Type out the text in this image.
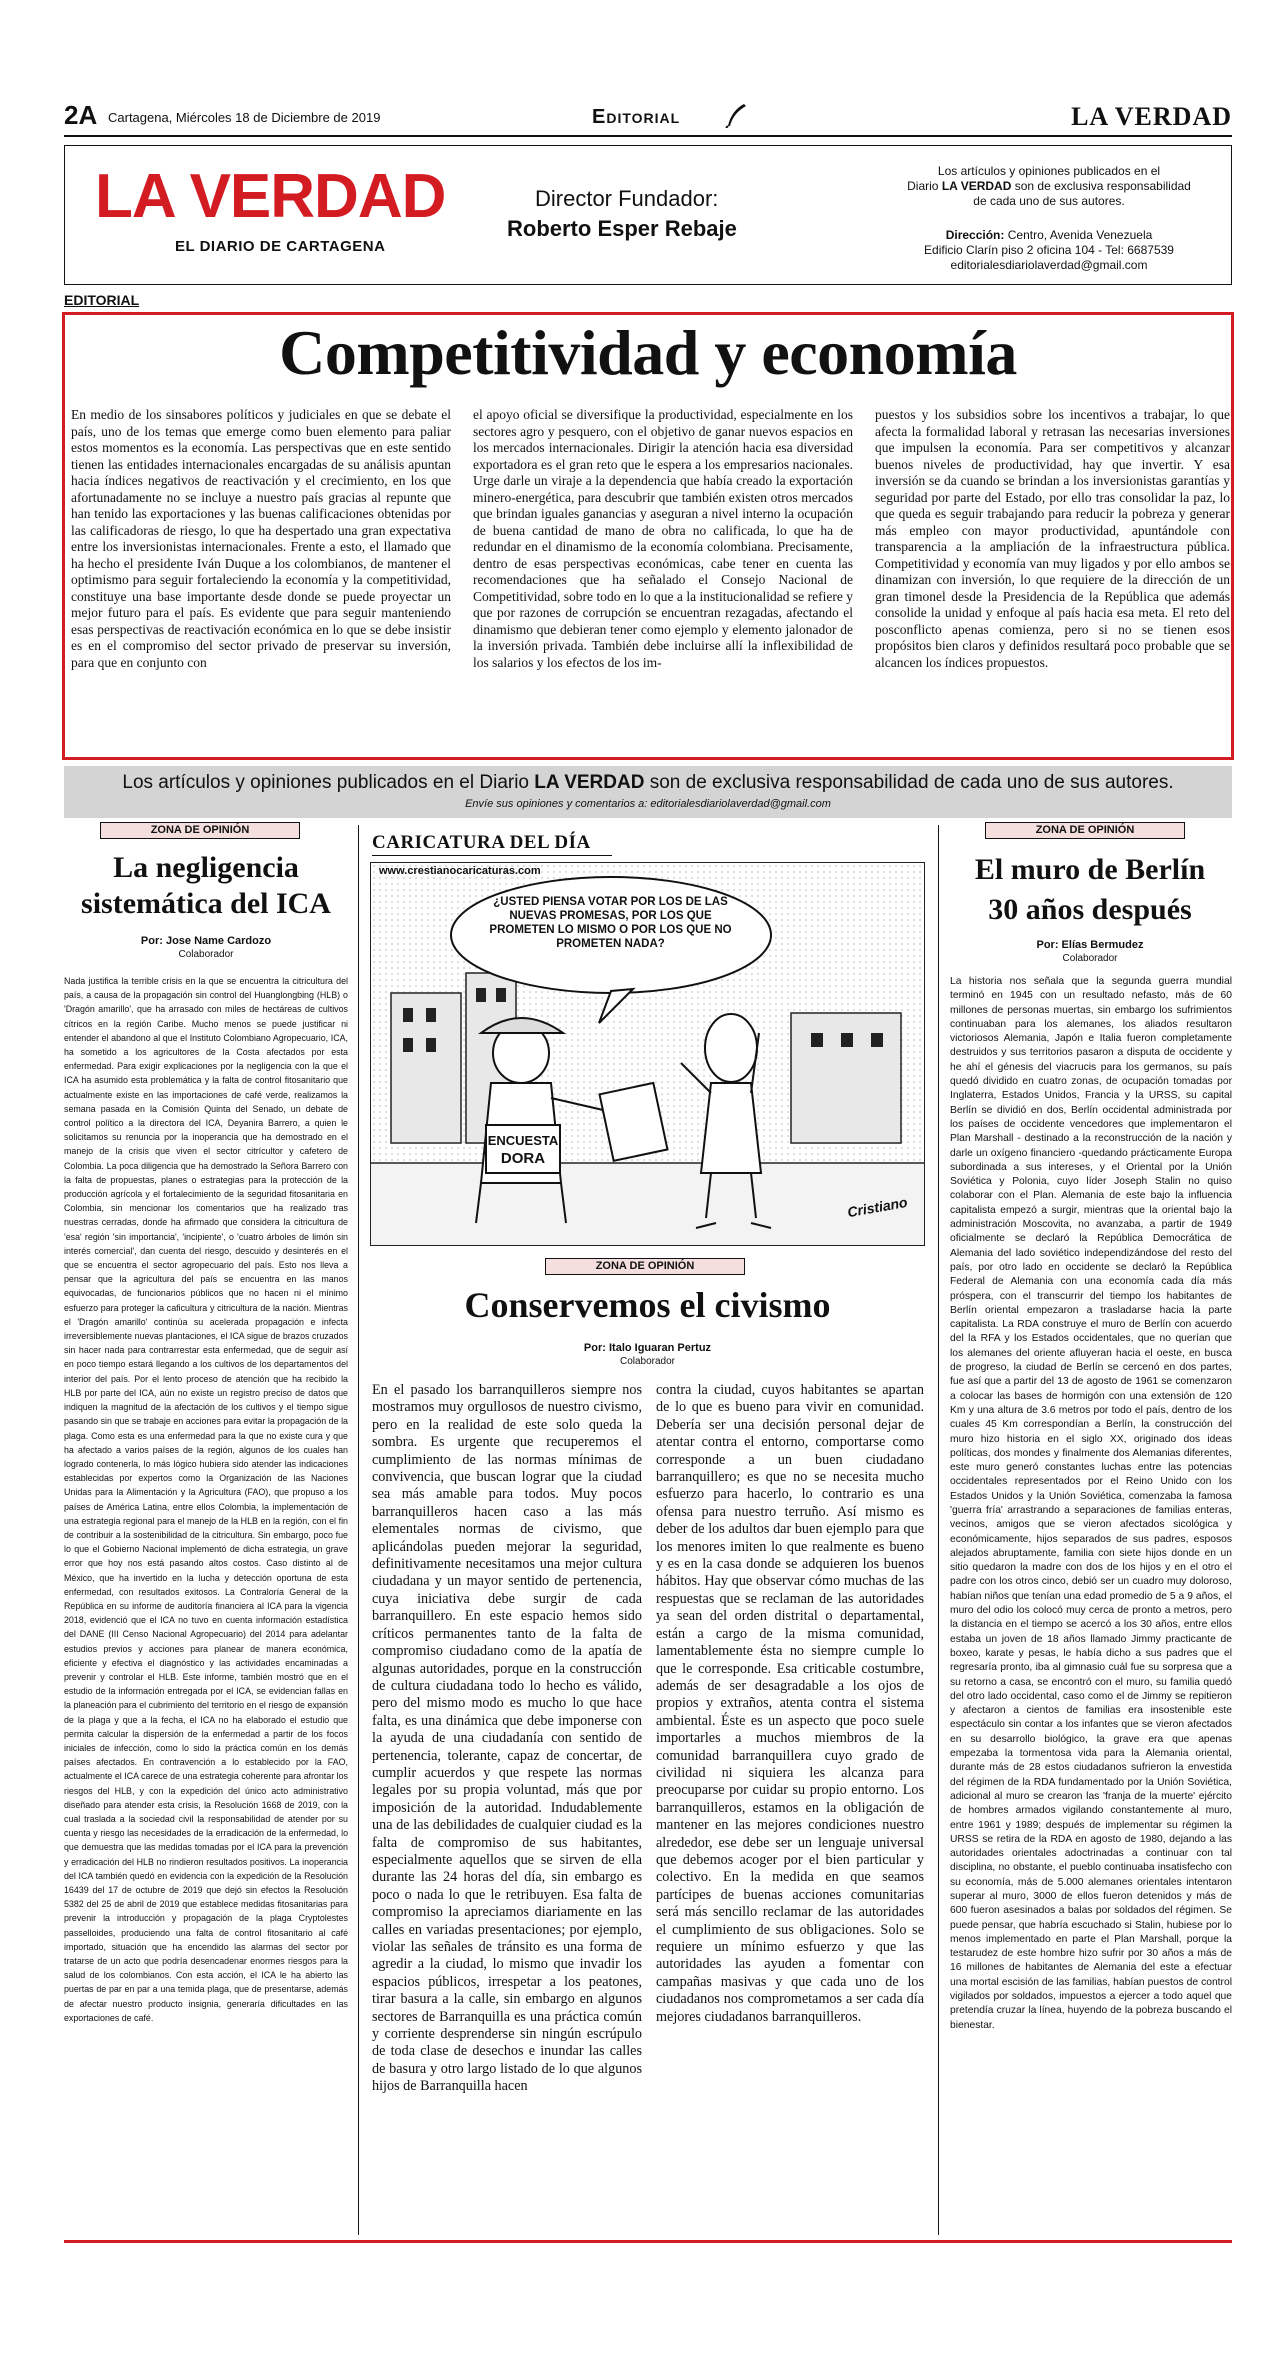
2A Cartagena, Miércoles 18 de Diciembre de 2019	Editorial	LA VERDAD
LA VERDAD
EL DIARIO DE CARTAGENA
Director Fundador:
Roberto Esper Rebaje
Los artículos y opiniones publicados en el
Diario LA VERDAD son de exclusiva responsabilidad
de cada uno de sus autores.
Dirección: Centro, Avenida Venezuela
Edificio Clarín piso 2 oficina 104 - Tel: 6687539
editorialesdiariolaverdad@gmail.com
EDITORIAL
Competitividad y economía
En medio de los sinsabores políticos y judiciales en que se debate el país, uno de los temas que emerge como buen elemento para paliar estos momentos es la economía. Las perspectivas que en este sentido tienen las entidades internacionales encargadas de su análisis apuntan hacia índices negativos de reactivación y el crecimiento, en los que afortunadamente no se incluye a nuestro país gracias al repunte que han tenido las exportaciones y las buenas calificaciones obtenidas por las calificadoras de riesgo, lo que ha despertado una gran expectativa entre los inversionistas internacionales. Frente a esto, el llamado que ha hecho el presidente Iván Duque a los colombianos, de mantener el optimismo para seguir fortaleciendo la economía y la competitividad, constituye una base importante desde donde se puede proyectar un mejor futuro para el país. Es evidente que para seguir manteniendo esas perspectivas de reactivación económica en lo que se debe insistir es en el compromiso del sector privado de preservar su inversión, para que en conjunto con
el apoyo oficial se diversifique la productividad, especialmente en los sectores agro y pesquero, con el objetivo de ganar nuevos espacios en los mercados internacionales. Dirigir la atención hacia esa diversidad exportadora es el gran reto que le espera a los empresarios nacionales. Urge darle un viraje a la dependencia que había creado la exportación minero-energética, para descubrir que también existen otros mercados que brindan iguales ganancias y aseguran a nivel interno la ocupación de buena cantidad de mano de obra no calificada, lo que ha de redundar en el dinamismo de la economía colombiana. Precisamente, dentro de esas perspectivas económicas, cabe tener en cuenta las recomendaciones que ha señalado el Consejo Nacional de Competitividad, sobre todo en lo que a la institucionalidad se refiere y que por razones de corrupción se encuentran rezagadas, afectando el dinamismo que debieran tener como ejemplo y elemento jalonador de la inversión privada. También debe incluirse allí la inflexibilidad de los salarios y los efectos de los im-
puestos y los subsidios sobre los incentivos a trabajar, lo que afecta la formalidad laboral y retrasan las necesarias inversiones que impulsen la economía. Para ser competitivos y alcanzar buenos niveles de productividad, hay que invertir. Y esa inversión se da cuando se brindan a los inversionistas garantías y seguridad por parte del Estado, por ello tras consolidar la paz, lo que queda es seguir trabajando para reducir la pobreza y generar más empleo con mayor productividad, apuntándole con transparencia a la ampliación de la infraestructura pública. Competitividad y economía van muy ligados y por ello ambos se dinamizan con inversión, lo que requiere de la dirección de un gran timonel desde la Presidencia de la República que además consolide la unidad y enfoque al país hacia esa meta. El reto del posconflicto apenas comienza, pero si no se tienen esos propósitos bien claros y definidos resultará poco probable que se alcancen los índices propuestos.
Los artículos y opiniones publicados en el Diario LA VERDAD son de exclusiva responsabilidad de cada uno de sus autores.
Envíe sus opiniones y comentarios a: editorialesdiariolaverdad@gmail.com
ZONA DE OPINIÓN
La negligencia
sistemática del ICA
Por: Jose Name Cardozo
Colaborador
Nada justifica la terrible crisis en la que se encuentra la citricultura del país, a causa de la propagación sin control del Huanglongbing (HLB) o 'Dragón amarillo', que ha arrasado con miles de hectáreas de cultivos cítricos en la región Caribe. Mucho menos se puede justificar ni entender el abandono al que el Instituto Colombiano Agropecuario, ICA, ha sometido a los agricultores de la Costa afectados por esta enfermedad. Para exigir explicaciones por la negligencia con la que el ICA ha asumido esta problemática y la falta de control fitosanitario que actualmente existe en las importaciones de café verde, realizamos la semana pasada en la Comisión Quinta del Senado, un debate de control político a la directora del ICA, Deyanira Barrero, a quien le solicitamos su renuncia por la inoperancia que ha demostrado en el manejo de la crisis que viven el sector citrícultor y cafetero de Colombia. La poca diligencia que ha demostrado la Señora Barrero con la falta de propuestas, planes o estrategias para la protección de la producción agrícola y el fortalecimiento de la seguridad fitosanitaria en Colombia, sin mencionar los comentarios que ha realizado tras nuestras cerradas, donde ha afirmado que considera la citricultura de 'esa' región 'sin importancia', 'incipiente', o 'cuatro árboles de limón sin interés comercial', dan cuenta del riesgo, descuido y desinterés en el que se encuentra el sector agropecuario del país. Esto nos lleva a pensar que la agricultura del país se encuentra en las manos equivocadas, de funcionarios públicos que no hacen ni el mínimo esfuerzo para proteger la caficultura y citricultura de la nación. Mientras el 'Dragón amarillo' continúa su acelerada propagación e infecta irreversiblemente nuevas plantaciones, el ICA sigue de brazos cruzados sin hacer nada para contrarrestar esta enfermedad, que de seguir así en poco tiempo estará llegando a los cultivos de los departamentos del interior del país. Por el lento proceso de atención que ha recibido la HLB por parte del ICA, aún no existe un registro preciso de datos que indiquen la magnitud de la afectación de los cultivos y el tiempo sigue pasando sin que se trabaje en acciones para evitar la propagación de la plaga. Como esta es una enfermedad para la que no existe cura y que ha afectado a varios países de la región, algunos de los cuales han logrado contenerla, lo más lógico hubiera sido atender las indicaciones establecidas por expertos como la Organización de las Naciones Unidas para la Alimentación y la Agricultura (FAO), que propuso a los países de América Latina, entre ellos Colombia, la implementación de una estrategia regional para el manejo de la HLB en la región, con el fin de contribuir a la sostenibilidad de la citricultura. Sin embargo, poco fue lo que el Gobierno Nacional implementó de dicha estrategia, un grave error que hoy nos está pasando altos costos. Caso distinto al de México, que ha invertido en la lucha y detección oportuna de esta enfermedad, con resultados exitosos. La Contraloría General de la República en su informe de auditoría financiera al ICA para la vigencia 2018, evidenció que el ICA no tuvo en cuenta información estadística del DANE (III Censo Nacional Agropecuario) del 2014 para adelantar estudios previos y acciones para planear de manera económica, eficiente y efectiva el diagnóstico y las actividades encaminadas a prevenir y controlar el HLB. Este informe, también mostró que en el estudio de la información entregada por el ICA, se evidencian fallas en la planeación para el cubrimiento del territorio en el riesgo de expansión de la plaga y que a la fecha, el ICA no ha elaborado el estudio que permita calcular la dispersión de la enfermedad a partir de los focos iniciales de infección, como lo sido la práctica común en los demás países afectados. En contravención a lo establecido por la FAO, actualmente el ICA carece de una estrategia coherente para afrontar los riesgos del HLB, y con la expedición del único acto administrativo diseñado para atender esta crisis, la Resolución 1668 de 2019, con la cual traslada a la sociedad civil la responsabilidad de atender por su cuenta y riesgo las necesidades de la erradicación de la enfermedad, lo que demuestra que las medidas tomadas por el ICA para la prevención y erradicación del HLB no rindieron resultados positivos. La inoperancia del ICA también quedó en evidencia con la expedición de la Resolución 16439 del 17 de octubre de 2019 que dejó sin efectos la Resolución 5382 del 25 de abril de 2019 que establece medidas fitosanitarias para prevenir la introducción y propagación de la plaga Cryptolestes passelloides, produciendo una falta de control fitosanitario al café importado, situación que ha encendido las alarmas del sector por tratarse de un acto que podría desencadenar enormes riesgos para la salud de los colombianos. Con esta acción, el ICA le ha abierto las puertas de par en par a una temida plaga, que de presentarse, además de afectar nuestro producto insignia, generaría dificultades en las exportaciones de café.
CARICATURA DEL DÍA
ENCUESTA
DORA
www.crestianocaricaturas.com
¿USTED PIENSA VOTAR POR LOS DE LAS NUEVAS PROMESAS, POR LOS QUE PROMETEN LO MISMO O POR LOS QUE NO PROMETEN NADA?
Cristiano
ZONA DE OPINIÓN
Conservemos el civismo
Por: Italo Iguaran Pertuz
Colaborador
En el pasado los barranquilleros siempre nos mostramos muy orgullosos de nuestro civismo, pero en la realidad de este solo queda la sombra. Es urgente que recuperemos el cumplimiento de las normas mínimas de convivencia, que buscan lograr que la ciudad sea más amable para todos. Muy pocos barranquilleros hacen caso a las más elementales normas de civismo, que aplicándolas pueden mejorar la seguridad, definitivamente necesitamos una mejor cultura ciudadana y un mayor sentido de pertenencia, cuya iniciativa debe surgir de cada barranquillero. En este espacio hemos sido críticos permanentes tanto de la falta de compromiso ciudadano como de la apatía de algunas autoridades, porque en la construcción de cultura ciudadana todo lo hecho es válido, pero del mismo modo es mucho lo que hace falta, es una dinámica que debe imponerse con la ayuda de una ciudadanía con sentido de pertenencia, tolerante, capaz de concertar, de cumplir acuerdos y que respete las normas legales por su propia voluntad, más que por imposición de la autoridad. Indudablemente una de las debilidades de cualquier ciudad es la falta de compromiso de sus habitantes, especialmente aquellos que se sirven de ella durante las 24 horas del día, sin embargo es poco o nada lo que le retribuyen. Esa falta de compromiso la apreciamos diariamente en las calles en variadas presentaciones; por ejemplo, violar las señales de tránsito es una forma de agredir a la ciudad, lo mismo que invadir los espacios públicos, irrespetar a los peatones, tirar basura a la calle, sin embargo en algunos sectores de Barranquilla es una práctica común y corriente desprenderse sin ningún escrúpulo de toda clase de desechos e inundar las calles de basura y otro largo listado de lo que algunos hijos de Barranquilla hacen
contra la ciudad, cuyos habitantes se apartan de lo que es bueno para vivir en comunidad. Debería ser una decisión personal dejar de atentar contra el entorno, comportarse como corresponde a un buen ciudadano barranquillero; es que no se necesita mucho esfuerzo para hacerlo, lo contrario es una ofensa para nuestro terruño. Así mismo es deber de los adultos dar buen ejemplo para que los menores imiten lo que realmente es bueno y es en la casa donde se adquieren los buenos hábitos. Hay que observar cómo muchas de las respuestas que se reclaman de las autoridades ya sean del orden distrital o departamental, están a cargo de la misma comunidad, lamentablemente ésta no siempre cumple lo que le corresponde. Esa criticable costumbre, además de ser desagradable a los ojos de propios y extraños, atenta contra el sistema ambiental. Éste es un aspecto que poco suele importarles a muchos miembros de la comunidad barranquillera cuyo grado de civilidad ni siquiera les alcanza para preocuparse por cuidar su propio entorno. Los barranquilleros, estamos en la obligación de mantener en las mejores condiciones nuestro alrededor, ese debe ser un lenguaje universal que debemos acoger por el bien particular y colectivo. En la medida en que seamos partícipes de buenas acciones comunitarias será más sencillo reclamar de las autoridades el cumplimiento de sus obligaciones. Solo se requiere un mínimo esfuerzo y que las autoridades las ayuden a fomentar con campañas masivas y que cada uno de los ciudadanos nos comprometamos a ser cada día mejores ciudadanos barranquilleros.
ZONA DE OPINIÓN
El muro de Berlín
30 años después
Por: Elías Bermudez
Colaborador
La historia nos señala que la segunda guerra mundial terminó en 1945 con un resultado nefasto, más de 60 millones de personas muertas, sin embargo los sufrimientos continuaban para los alemanes, los aliados resultaron victoriosos Alemania, Japón e Italia fueron completamente destruidos y sus territorios pasaron a disputa de occidente y he ahí el génesis del viacrucis para los germanos, su país quedó dividido en cuatro zonas, de ocupación tomadas por Inglaterra, Estados Unidos, Francia y la URSS, su capital Berlín se dividió en dos, Berlín occidental administrada por los países de occidente vencedores que implementaron el Plan Marshall - destinado a la reconstrucción de la nación y darle un oxígeno financiero -quedando prácticamente Europa subordinada a sus intereses, y el Oriental por la Unión Soviética y Polonia, cuyo líder Joseph Stalin no quiso colaborar con el Plan. Alemania de este bajo la influencia capitalista empezó a surgir, mientras que la oriental bajo la administración Moscovita, no avanzaba, a partir de 1949 oficialmente se declaró la República Democrática de Alemania del lado soviético independizándose del resto del país, por otro lado en occidente se declaró la República Federal de Alemania con una economía cada día más próspera, con el transcurrir del tiempo los habitantes de Berlín oriental empezaron a trasladarse hacia la parte capitalista. La RDA construye el muro de Berlín con acuerdo del la RFA y los Estados occidentales, que no querían que los alemanes del oriente afluyeran hacia el oeste, en busca de progreso, la ciudad de Berlín se cercenó en dos partes, fue así que a partir del 13 de agosto de 1961 se comenzaron a colocar las bases de hormigón con una extensión de 120 Km y una altura de 3.6 metros por todo el país, dentro de los cuales 45 Km correspondían a Berlín, la construcción del muro hizo historia en el siglo XX, originado dos ideas políticas, dos mondes y finalmente dos Alemanias diferentes, este muro generó constantes luchas entre las potencias occidentales representados por el Reino Unido con los Estados Unidos y la Unión Soviética, comenzaba la famosa 'guerra fría' arrastrando a separaciones de familias enteras, vecinos, amigos que se vieron afectados sicológica y económicamente, hijos separados de sus padres, esposos alejados abruptamente, familia con siete hijos donde en un sitio quedaron la madre con dos de los hijos y en el otro el padre con los otros cinco, debió ser un cuadro muy doloroso, habían niños que tenían una edad promedio de 5 a 9 años, el muro del odio los colocó muy cerca de pronto a metros, pero la distancia en el tiempo se acercó a los 30 años, entre ellos estaba un joven de 18 años llamado Jimmy practicante de boxeo, karate y pesas, le había dicho a sus padres que el regresaría pronto, iba al gimnasio cuál fue su sorpresa que a su retorno a casa, se encontró con el muro, su familia quedó del otro lado occidental, caso como el de Jimmy se repitieron y afectaron a cientos de familias era insostenible este espectáculo sin contar a los infantes que se vieron afectados en su desarrollo biológico, la grave era que apenas empezaba la tormentosa vida para la Alemania oriental, durante más de 28 estos ciudadanos sufrieron la envestida del régimen de la RDA fundamentado por la Unión Soviética, adicional al muro se crearon las 'franja de la muerte' ejército de hombres armados vigilando constantemente al muro, entre 1961 y 1989; después de implementar su régimen la URSS se retira de la RDA en agosto de 1980, dejando a las autoridades orientales adoctrinadas a continuar con tal disciplina, no obstante, el pueblo continuaba insatisfecho con su economía, más de 5.000 alemanes orientales intentaron superar al muro, 3000 de ellos fueron detenidos y más de 600 fueron asesinados a balas por soldados del régimen. Se puede pensar, que habría escuchado si Stalin, hubiese por lo menos implementado en parte el Plan Marshall, porque la testarudez de este hombre hizo sufrir por 30 años a más de 16 millones de habitantes de Alemania del este a efectuar una mortal escisión de las familias, habían puestos de control vigilados por soldados, impuestos a ejercer a todo aquel que pretendía cruzar la línea, huyendo de la pobreza buscando el bienestar.
